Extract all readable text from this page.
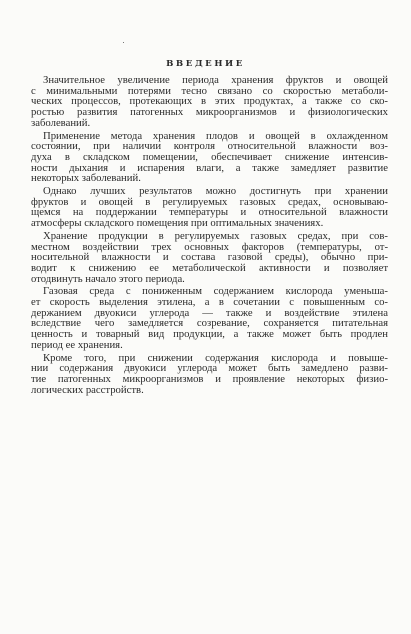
ВВЕДЕНИЕ
Значительное увеличение периода хранения фруктов и овощей
с минимальными потерями тесно связано со скоростью метаболи-
ческих процессов, протекающих в этих продуктах, а также со ско-
ростью развития патогенных микроорганизмов и физиологических
заболеваний.
Применение метода хранения плодов и овощей в охлажденном
состоянии, при наличии контроля относительной влажности воз-
духа в складском помещении, обеспечивает снижение интенсив-
ности дыхания и испарения влаги, а также замедляет развитие
некоторых заболеваний.
Однако лучших результатов можно достигнуть при хранении
фруктов и овощей в регулируемых газовых средах, основываю-
щемся на поддержании температуры и относительной влажности
атмосферы складского помещения при оптимальных значениях.
Хранение продукции в регулируемых газовых средах, при сов-
местном воздействии трех основных факторов (температуры, от-
носительной влажности и состава газовой среды), обычно при-
водит к снижению ее метаболической активности и позволяет
отодвинуть начало этого периода.
Газовая среда с пониженным содержанием кислорода уменьша-
ет скорость выделения этилена, а в сочетании с повышенным со-
держанием двуокиси углерода — также и воздействие этилена
вследствие чего замедляется созревание, сохраняется питательная
ценность и товарный вид продукции, а также может быть продлен
период ее хранения.
Кроме того, при снижении содержания кислорода и повыше-
нии содержания двуокиси углерода может быть замедлено разви-
тие патогенных микроорганизмов и проявление некоторых физио-
логических расстройств.
